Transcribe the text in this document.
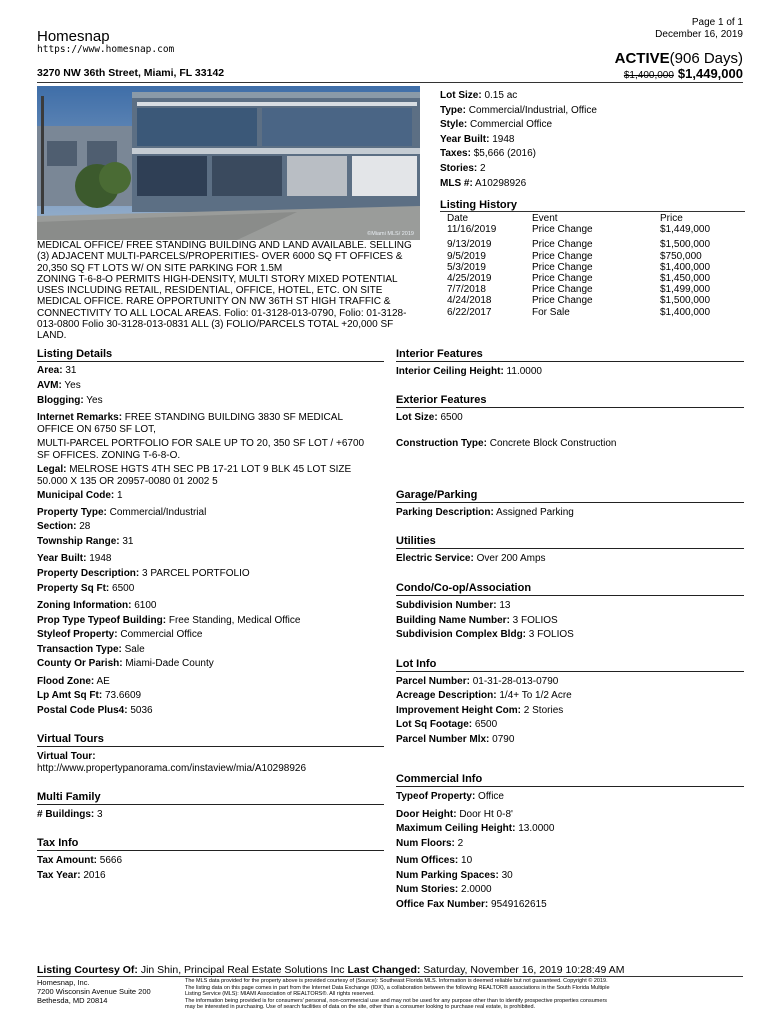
Page 1 of 1
December 16, 2019
Homesnap
https://www.homesnap.com
ACTIVE(906 Days)
3270 NW 36th Street, Miami, FL 33142	$1,400,000 $1,449,000
©Miami MLS/ 2019
Lot Size: 0.15 ac
Type: Commercial/Industrial, Office
Style: Commercial Office
Year Built: 1948
Taxes: $5,666 (2016)
Stories: 2
MLS #: A10298926
Listing History
Date	Event	Price
11/16/2019	Price Change	$1,449,000
9/13/2019	Price Change	$1,500,000
9/5/2019	Price Change	$750,000
5/3/2019	Price Change	$1,400,000
4/25/2019	Price Change	$1,450,000
7/7/2018	Price Change	$1,499,000
4/24/2018	Price Change	$1,500,000
6/22/2017	For Sale	$1,400,000
MEDICAL OFFICE/ FREE STANDING BUILDING AND LAND AVAILABLE. SELLING
(3) ADJACENT MULTI-PARCELS/PROPERITIES- OVER 6000 SQ FT OFFICES &
20,350 SQ FT LOTS W/ ON SITE PARKING FOR 1.5M
ZONING T-6-8-O PERMITS HIGH-DENSITY, MULTI STORY MIXED POTENTIAL
USES INCLUDING RETAIL, RESIDENTIAL, OFFICE, HOTEL, ETC. ON SITE
MEDICAL OFFICE. RARE OPPORTUNITY ON NW 36TH ST HIGH TRAFFIC &
CONNECTIVITY TO ALL LOCAL AREAS. Folio: 01-3128-013-0790, Folio: 01-3128-
013-0800 Folio 30-3128-013-0831 ALL (3) FOLIO/PARCELS TOTAL +20,000 SF
LAND.
Listing Details
Area: 31
AVM: Yes
Blogging: Yes
Internet Remarks: FREE STANDING BUILDING 3830 SF MEDICAL
OFFICE ON 6750 SF LOT,
MULTI-PARCEL PORTFOLIO FOR SALE UP TO 20, 350 SF LOT / +6700
SF OFFICES. ZONING T-6-8-O.
Legal: MELROSE HGTS 4TH SEC PB 17-21 LOT 9 BLK 45 LOT SIZE
50.000 X 135 OR 20957-0080 01 2002 5
Municipal Code: 1
Property Type: Commercial/Industrial
Section: 28
Township Range: 31
Year Built: 1948
Property Description: 3 PARCEL PORTFOLIO
Property Sq Ft: 6500
Zoning Information: 6100
Prop Type Typeof Building: Free Standing, Medical Office
Styleof Property: Commercial Office
Transaction Type: Sale
County Or Parish: Miami-Dade County
Flood Zone: AE
Lp Amt Sq Ft: 73.6609
Postal Code Plus4: 5036
Virtual Tours
Virtual Tour:
http://www.propertypanorama.com/instaview/mia/A10298926
Multi Family
# Buildings: 3
Tax Info
Tax Amount: 5666
Tax Year: 2016
Interior Features
Interior Ceiling Height: 11.0000
Exterior Features
Lot Size: 6500
Construction Type: Concrete Block Construction
Garage/Parking
Parking Description: Assigned Parking
Utilities
Electric Service: Over 200 Amps
Condo/Co-op/Association
Subdivision Number: 13
Building Name Number: 3 FOLIOS
Subdivision Complex Bldg: 3 FOLIOS
Lot Info
Parcel Number: 01-31-28-013-0790
Acreage Description: 1/4+ To 1/2 Acre
Improvement Height Com: 2 Stories
Lot Sq Footage: 6500
Parcel Number Mlx: 0790
Commercial Info
Typeof Property: Office
Door Height: Door Ht 0-8'
Maximum Ceiling Height: 13.0000
Num Floors: 2
Num Offices: 10
Num Parking Spaces: 30
Num Stories: 2.0000
Office Fax Number: 9549162615
Listing Courtesy Of: Jin Shin, Principal Real Estate Solutions Inc Last Changed: Saturday, November 16, 2019 10:28:49 AM
Homesnap, Inc.
7200 Wisconsin Avenue Suite 200
Bethesda, MD 20814
The MLS data provided for the property above is provided courtesy of (Source): Southeast Florida MLS. Information is deemed reliable but not guaranteed. Copyright © 2019.
The listing data on this page comes in part from the Internet Data Exchange (IDX), a collaboration between the following REALTOR® associations in the South Florida Multiple
Listing Service (MLS): MIAMI Association of REALTORS®. All rights reserved.
The information being provided is for consumers' personal, non-commercial use and may not be used for any purpose other than to identify prospective properties consumers
may be interested in purchasing. Use of search facilities of data on the site, other than a consumer looking to purchase real estate, is prohibited.
